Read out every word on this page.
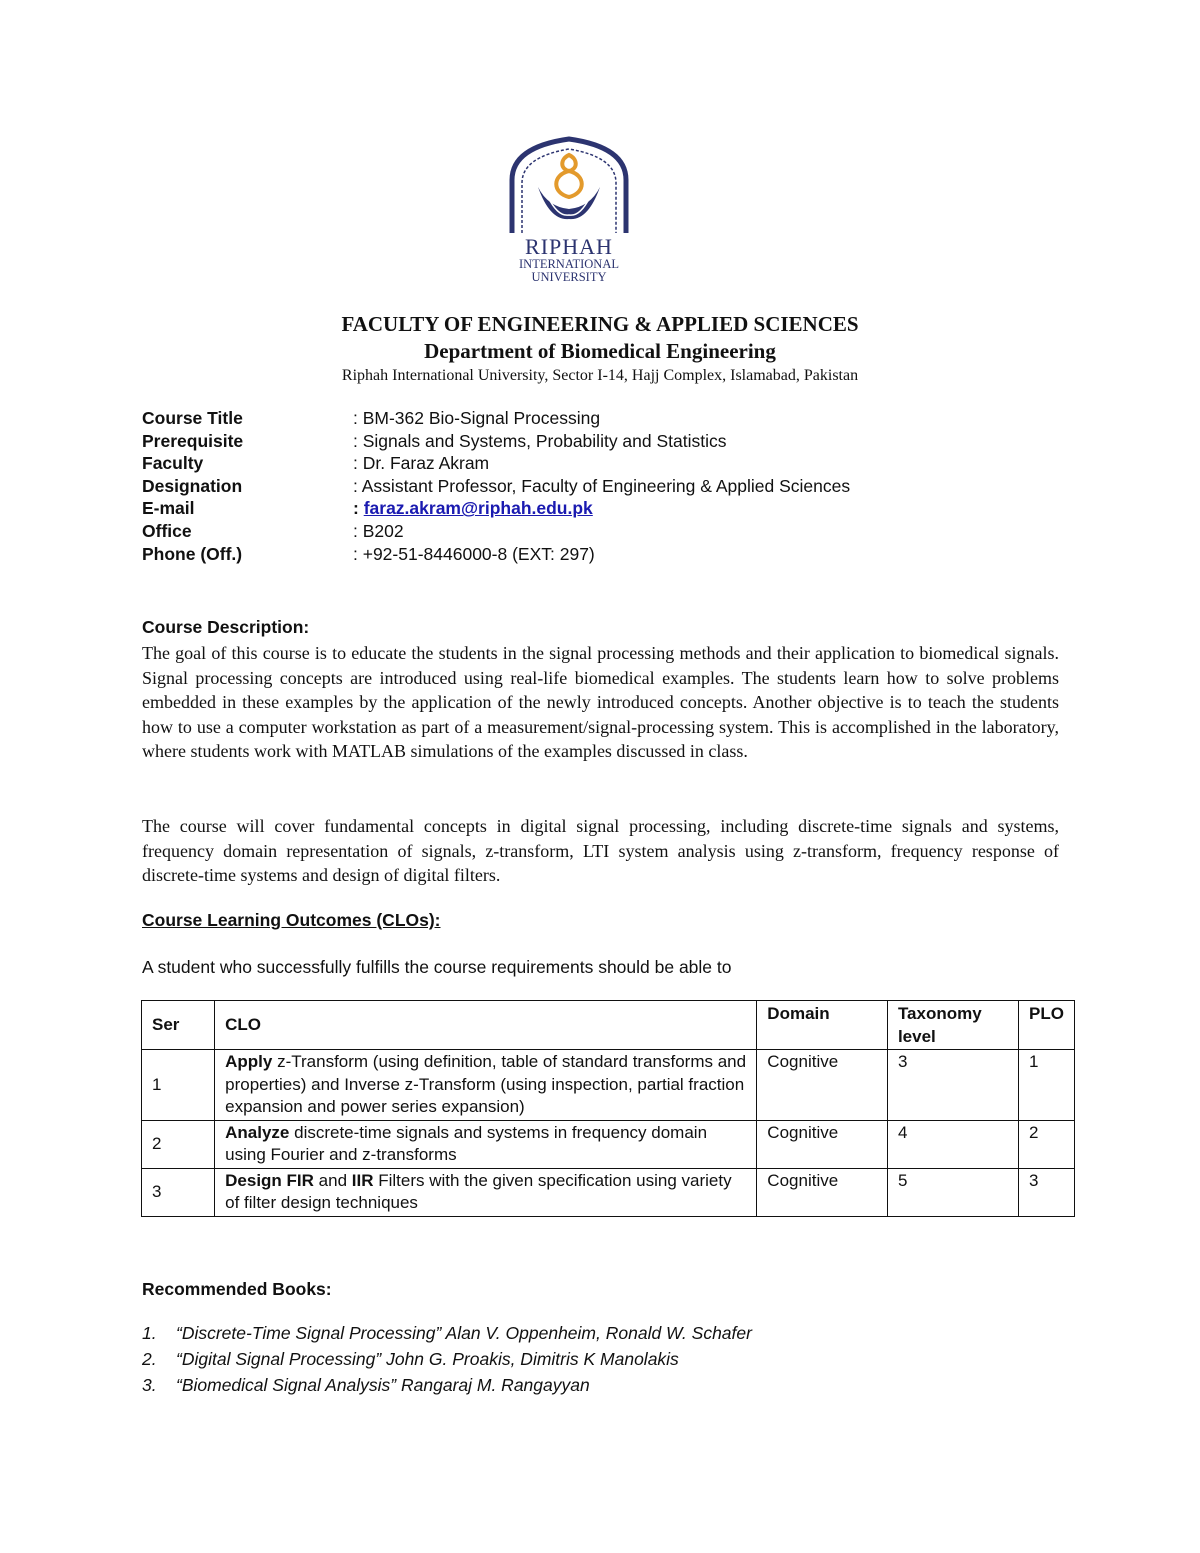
RIPHAH
INTERNATIONAL
UNIVERSITY
FACULTY OF ENGINEERING & APPLIED SCIENCES
Department of Biomedical Engineering
Riphah International University, Sector I-14, Hajj Complex, Islamabad, Pakistan
Course Title	: BM-362 Bio-Signal Processing
Prerequisite	: Signals and Systems, Probability and Statistics
Faculty	: Dr. Faraz Akram
Designation	: Assistant Professor, Faculty of Engineering & Applied Sciences
E-mail	: faraz.akram@riphah.edu.pk
Office	: B202
Phone (Off.)	: +92-51-8446000-8 (EXT: 297)
Course Description:

The goal of this course is to educate the students in the signal processing methods and their application to biomedical signals. Signal processing concepts are introduced using real-life biomedical examples. The students learn how to solve problems embedded in these examples by the application of the newly introduced concepts. Another objective is to teach the students how to use a computer workstation as part of a measurement/signal-processing system. This is accomplished in the laboratory, where students work with MATLAB simulations of the examples discussed in class.

The course will cover fundamental concepts in digital signal processing, including discrete-time signals and systems, frequency domain representation of signals, z-transform, LTI system analysis using z-transform, frequency response of discrete-time systems and design of digital filters.

Course Learning Outcomes (CLOs):
A student who successfully fulfills the course requirements should be able to
Ser	CLO	Domain	Taxonomy level	PLO
1	Apply z-Transform (using definition, table of standard transforms and properties) and Inverse z-Transform (using inspection, partial fraction expansion and power series expansion)	Cognitive	3	1
2	Analyze discrete-time signals and systems in frequency domain using Fourier and z-transforms	Cognitive	4	2
3	Design FIR and IIR Filters with the given specification using variety of filter design techniques	Cognitive	5	3
Recommended Books:
1. “Discrete-Time Signal Processing” Alan V. Oppenheim, Ronald W. Schafer
2. “Digital Signal Processing” John G. Proakis, Dimitris K Manolakis
3. “Biomedical Signal Analysis” Rangaraj M. Rangayyan
